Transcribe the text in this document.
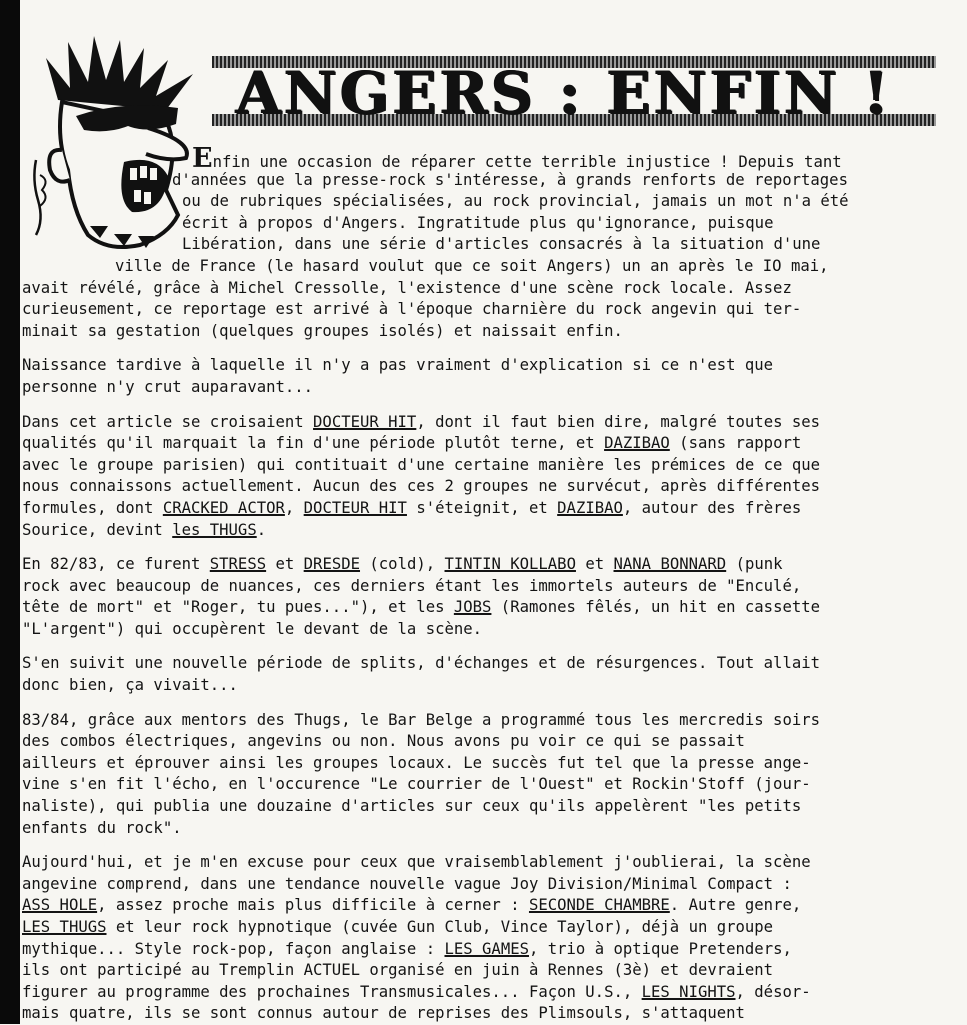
ANGERS : ENFIN !
Enfin une occasion de réparer cette terrible injustice ! Depuis tant
d'années que la presse-rock s'intéresse, à grands renforts de reportages
ou de rubriques spécialisées, au rock provincial, jamais un mot n'a été
écrit à propos d'Angers. Ingratitude plus qu'ignorance, puisque
Libération, dans une série d'articles consacrés à la situation d'une
ville de France (le hasard voulut que ce soit Angers) un an après le IO mai,
avait révélé, grâce à Michel Cressolle, l'existence d'une scène rock locale. Assez
curieusement, ce reportage est arrivé à l'époque charnière du rock angevin qui ter-
minait sa gestation (quelques groupes isolés) et naissait enfin.
Naissance tardive à laquelle il n'y a pas vraiment d'explication si ce n'est que
personne n'y crut auparavant...
Dans cet article se croisaient DOCTEUR HIT, dont il faut bien dire, malgré toutes ses
qualités qu'il marquait la fin d'une période plutôt terne, et DAZIBAO (sans rapport
avec le groupe parisien) qui contituait d'une certaine manière les prémices de ce que
nous connaissons actuellement. Aucun des ces 2 groupes ne survécut, après différentes
formules, dont CRACKED ACTOR, DOCTEUR HIT s'éteignit, et DAZIBAO, autour des frères
Sourice, devint les THUGS.
En 82/83, ce furent STRESS et DRESDE (cold), TINTIN KOLLABO et NANA BONNARD (punk
rock avec beaucoup de nuances, ces derniers étant les immortels auteurs de "Enculé,
tête de mort" et "Roger, tu pues..."), et les JOBS (Ramones fêlés, un hit en cassette
"L'argent") qui occupèrent le devant de la scène.
S'en suivit une nouvelle période de splits, d'échanges et de résurgences. Tout allait
donc bien, ça vivait...
83/84, grâce aux mentors des Thugs, le Bar Belge a programmé tous les mercredis soirs
des combos électriques, angevins ou non. Nous avons pu voir ce qui se passait
ailleurs et éprouver ainsi les groupes locaux. Le succès fut tel que la presse ange-
vine s'en fit l'écho, en l'occurence "Le courrier de l'Ouest" et Rockin'Stoff (jour-
naliste), qui publia une douzaine d'articles sur ceux qu'ils appelèrent "les petits
enfants du rock".
Aujourd'hui, et je m'en excuse pour ceux que vraisemblablement j'oublierai, la scène
angevine comprend, dans une tendance nouvelle vague Joy Division/Minimal Compact :
ASS HOLE, assez proche mais plus difficile à cerner : SECONDE CHAMBRE. Autre genre,
LES THUGS et leur rock hypnotique (cuvée Gun Club, Vince Taylor), déjà un groupe
mythique... Style rock-pop, façon anglaise : LES GAMES, trio à optique Pretenders,
ils ont participé au Tremplin ACTUEL organisé en juin à Rennes (3è) et devraient
figurer au programme des prochaines Transmusicales... Façon U.S., LES NIGHTS, désor-
mais quatre, ils se sont connus autour de reprises des Plimsouls, s'attaquent
